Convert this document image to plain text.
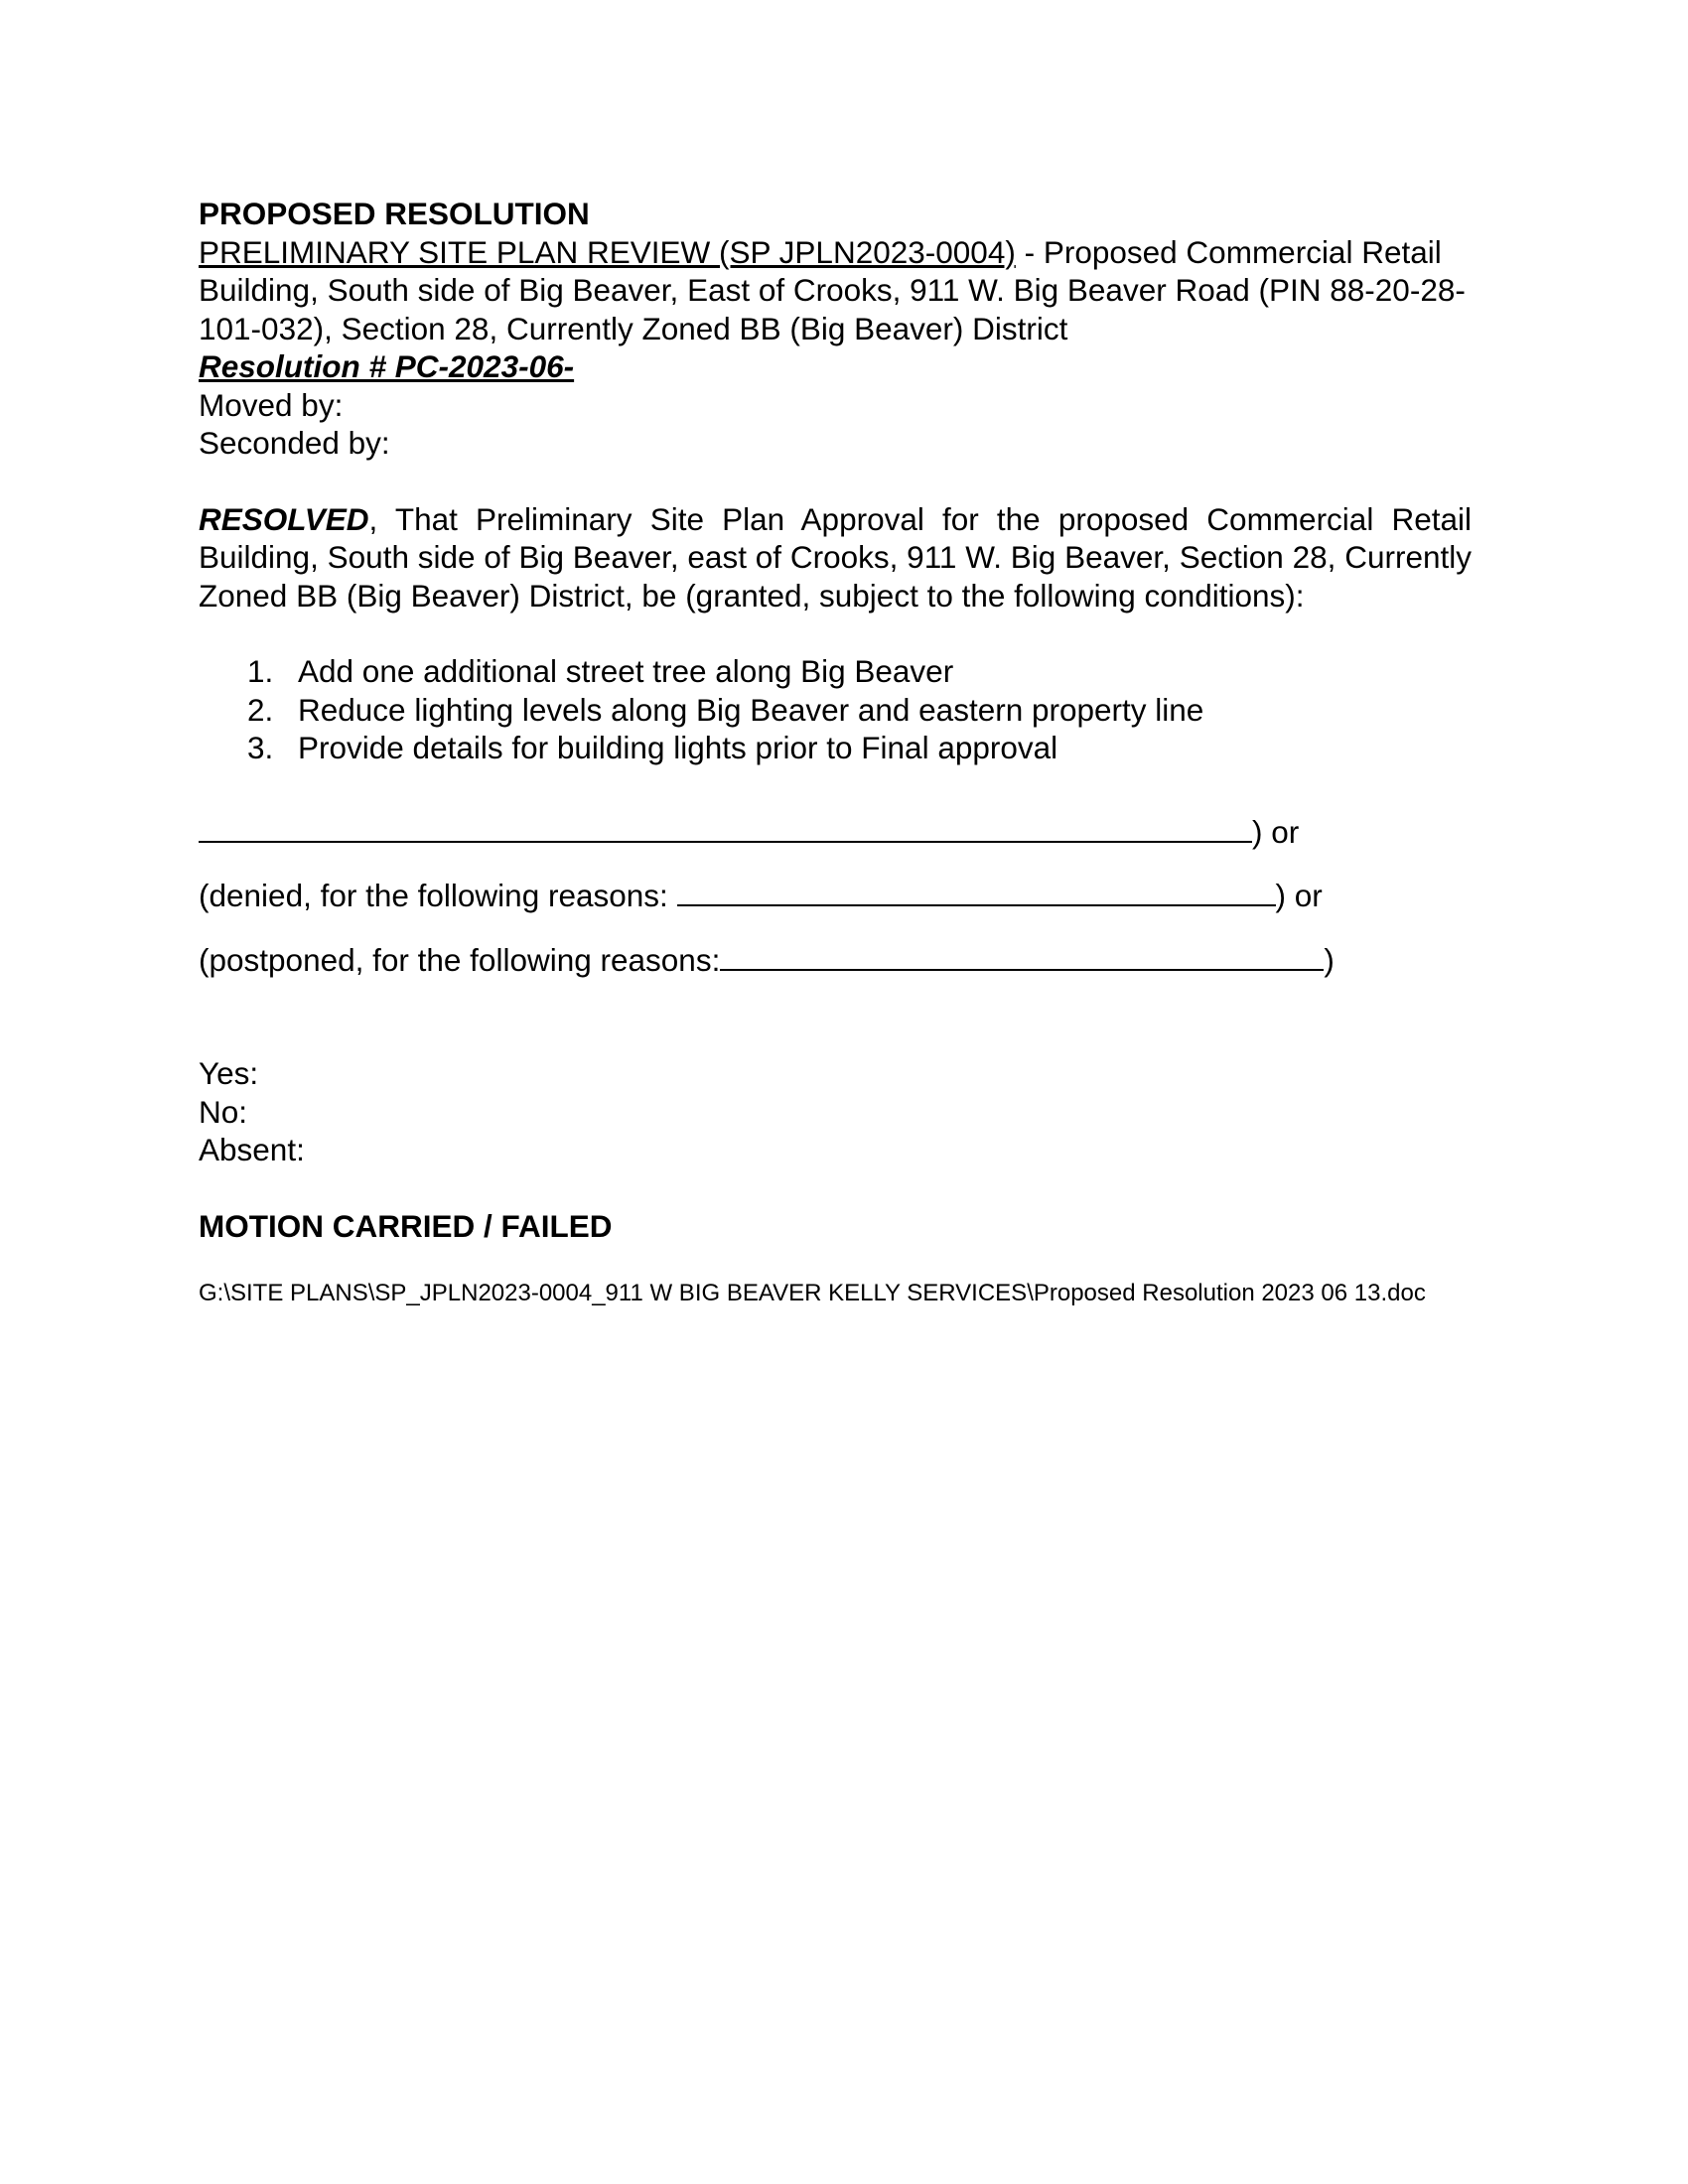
PROPOSED RESOLUTION

PRELIMINARY SITE PLAN REVIEW (SP JPLN2023-0004) - Proposed Commercial Retail Building, South side of Big Beaver, East of Crooks, 911 W. Big Beaver Road (PIN 88-20-28-101-032), Section 28, Currently Zoned BB (Big Beaver) District

Resolution # PC-2023-06-

Moved by:

Seconded by:

RESOLVED, That Preliminary Site Plan Approval for the proposed Commercial Retail Building, South side of Big Beaver, east of Crooks, 911 W. Big Beaver, Section 28, Currently Zoned BB (Big Beaver) District, be (granted, subject to the following conditions):

1. Add one additional street tree along Big Beaver
2. Reduce lighting levels along Big Beaver and eastern property line
3. Provide details for building lights prior to Final approval

) or

(denied, for the following reasons:	) or

(postponed, for the following reasons:	)

Yes:

No:

Absent:

MOTION CARRIED / FAILED

G:\SITE PLANS\SP_JPLN2023-0004_911 W BIG BEAVER KELLY SERVICES\Proposed Resolution 2023 06 13.doc
